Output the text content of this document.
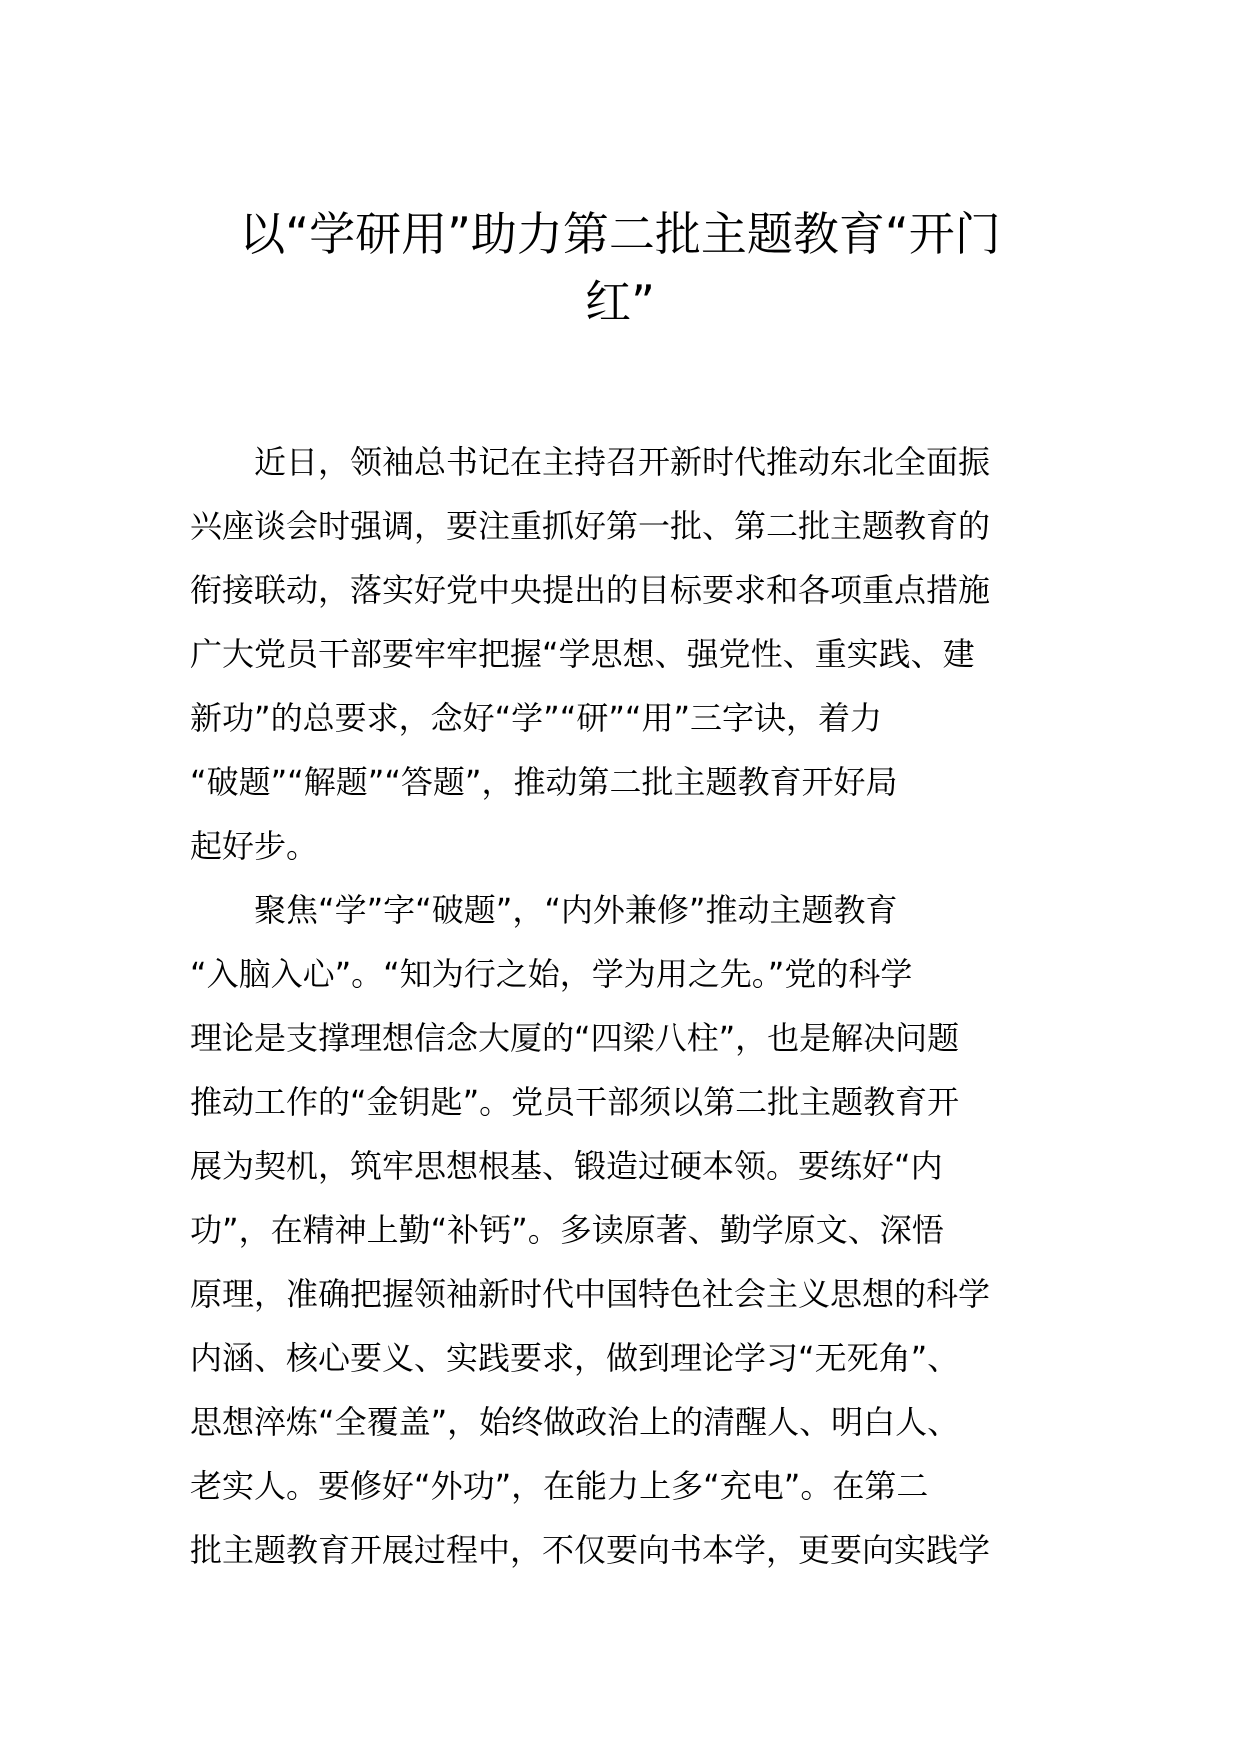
以“学研用”助力第二批主题教育“开门
红”
近日，领袖总书记在主持召开新时代推动东北全面振
兴座谈会时强调，要注重抓好第一批、第二批主题教育的
衔接联动，落实好党中央提出的目标要求和各项重点措施
广大党员干部要牢牢把握“学思想、强党性、重实践、建
新功”的总要求，念好“学”“研”“用”三字诀，着力
“破题”“解题”“答题”，推动第二批主题教育开好局
起好步。
聚焦“学”字“破题”，“内外兼修”推动主题教育
“入脑入心”。“知为行之始，学为用之先。”党的科学
理论是支撑理想信念大厦的“四梁八柱”，也是解决问题
推动工作的“金钥匙”。党员干部须以第二批主题教育开
展为契机，筑牢思想根基、锻造过硬本领。要练好“内
功”，在精神上勤“补钙”。多读原著、勤学原文、深悟
原理，准确把握领袖新时代中国特色社会主义思想的科学
内涵、核心要义、实践要求，做到理论学习“无死角”、
思想淬炼“全覆盖”，始终做政治上的清醒人、明白人、
老实人。要修好“外功”，在能力上多“充电”。在第二
批主题教育开展过程中，不仅要向书本学，更要向实践学
